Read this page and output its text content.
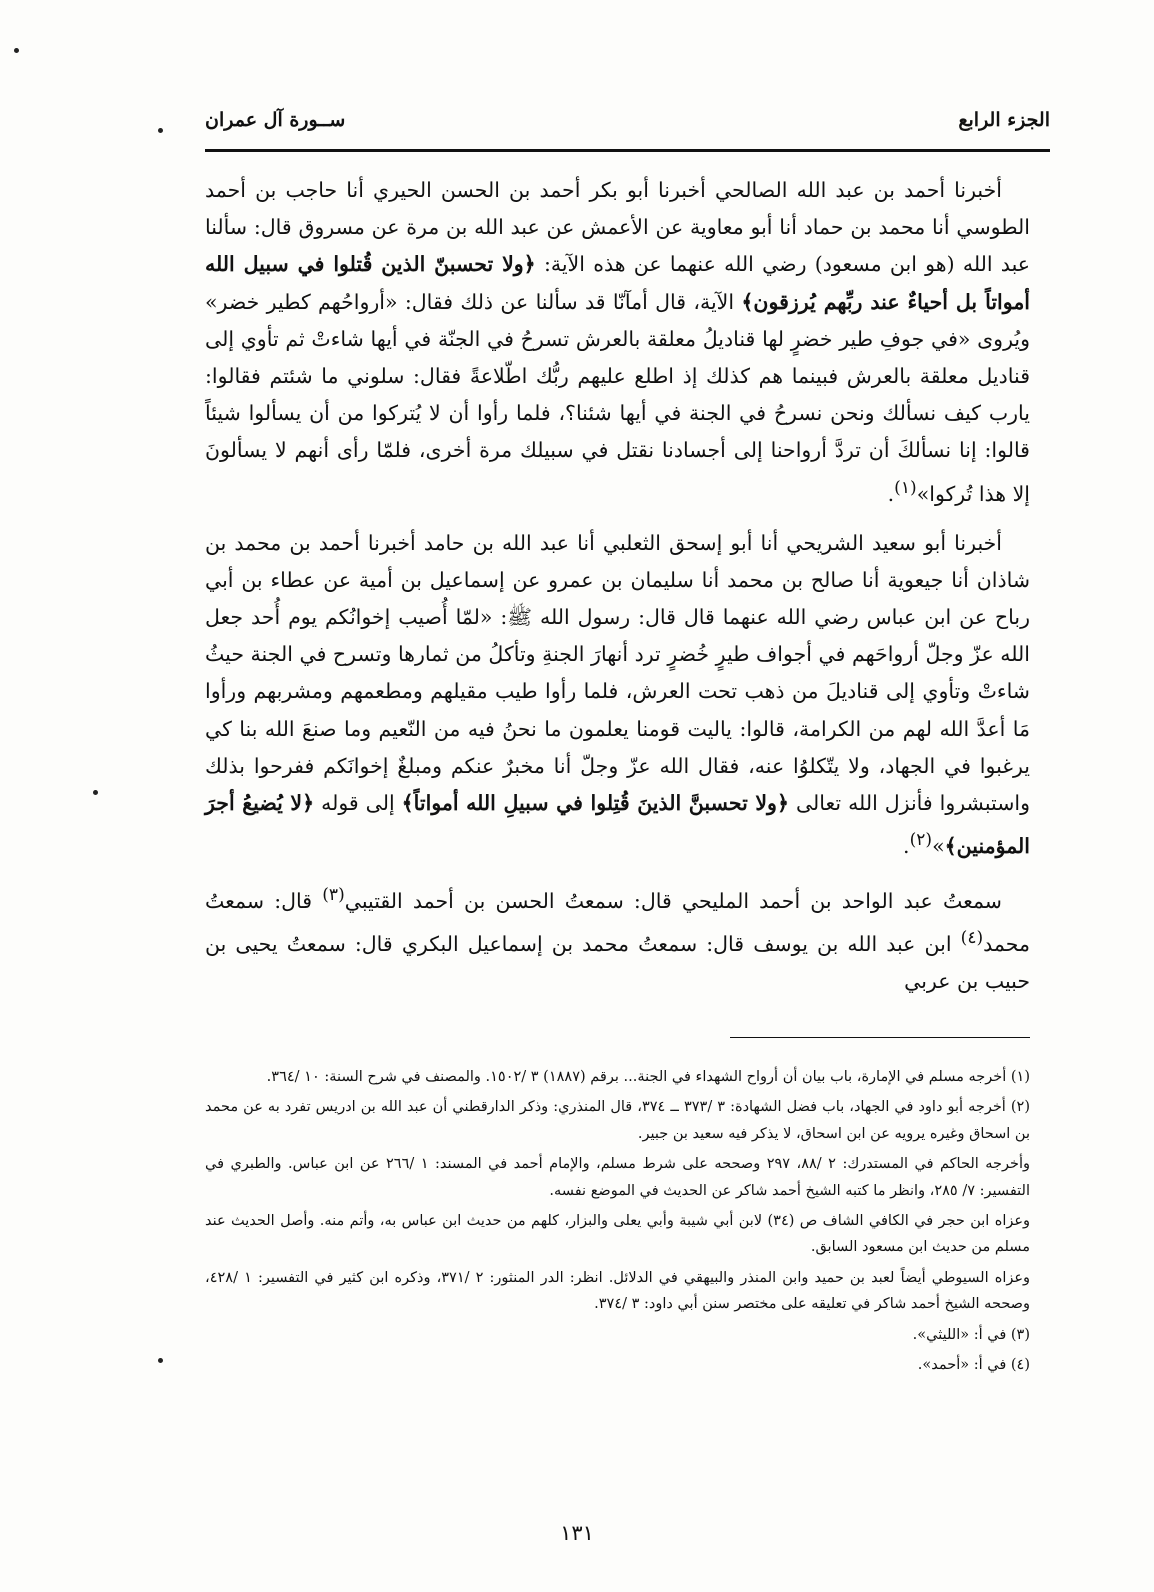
الجزء الرابع
ســورة آل عمران

أخبرنا أحمد بن عبد الله الصالحي أخبرنا أبو بكر أحمد بن الحسن الحيري أنا حاجب بن أحمد الطوسي أنا محمد بن حماد أنا أبو معاوية عن الأعمش عن عبد الله بن مرة عن مسروق قال: سألنا عبد الله (هو ابن مسعود) رضي الله عنهما عن هذه الآية: ﴿ولا تحسبنّ الذين قُتلوا في سبيل الله أمواتاً بل أحياءٌ عند ربِّهم يُرزقون﴾ الآية، قال أمآنّا قد سألنا عن ذلك فقال: «أرواحُهم كطير خضر» ويُروى «في جوفِ طير خضرٍ لها قناديلُ معلقة بالعرش تسرحُ في الجنّة في أيها شاءتْ ثم تأوي إلى قناديل معلقة بالعرش فبينما هم كذلك إذ اطلع عليهم ربُّك اطّلاعةً فقال: سلوني ما شئتم فقالوا: يارب كيف نسألك ونحن نسرحُ في الجنة في أيها شئنا؟، فلما رأوا أن لا يُتركوا من أن يسألوا شيئاً قالوا: إنا نسألكَ أن تردَّ أرواحنا إلى أجسادنا نقتل في سبيلك مرة أخرى، فلمّا رأى أنهم لا يسألونَ إلا هذا تُركوا»$^{(١)}$.

أخبرنا أبو سعيد الشريحي أنا أبو إسحق الثعلبي أنا عبد الله بن حامد أخبرنا أحمد بن محمد بن شاذان أنا جيعوية أنا صالح بن محمد أنا سليمان بن عمرو عن إسماعيل بن أمية عن عطاء بن أبي رباح عن ابن عباس رضي الله عنهما قال قال: رسول الله ﷺ: «لمّا أُصيب إخوانُكم يوم أُحد جعل الله عزّ وجلّ أرواحَهم في أجواف طيرٍ خُضرٍ ترد أنهارَ الجنةِ وتأكلُ من ثمارها وتسرح في الجنة حيثُ شاءتْ وتأوي إلى قناديلَ من ذهب تحت العرش، فلما رأوا طيب مقيلهم ومطعمهم ومشربهم ورأوا مَا أعدَّ الله لهم من الكرامة، قالوا: ياليت قومنا يعلمون ما نحنُ فيه من النّعيم وما صنعَ الله بنا كي يرغبوا في الجهاد، ولا يتّكلوُا عنه، فقال الله عزّ وجلّ أنا مخبرٌ عنكم ومبلغٌ إخوانَكم ففرحوا بذلك واستبشروا فأنزل الله تعالى ﴿ولا تحسبنَّ الذينَ قُتِلوا في سبيلِ الله أمواتاً﴾ إلى قوله ﴿لا يُضيعُ أجرَ المؤمنين﴾»$^{(٢)}$.

سمعتُ عبد الواحد بن أحمد المليحي قال: سمعتُ الحسن بن أحمد القتيبي$^{(٣)}$ قال: سمعتُ محمد$^{(٤)}$ ابن عبد الله بن يوسف قال: سمعتُ محمد بن إسماعيل البكري قال: سمعتُ يحيى بن حبيب بن عربي

(١) أخرجه مسلم في الإمارة، باب بيان أن أرواح الشهداء في الجنة... برقم (١٨٨٧) ٣ /١٥٠٢. والمصنف في شرح السنة: ١٠ /٣٦٤.
(٢) أخرجه أبو داود في الجهاد، باب فضل الشهادة: ٣ /٣٧٣ ــ ٣٧٤، قال المنذري: وذكر الدارقطني أن عبد الله بن ادريس تفرد به عن محمد بن اسحاق وغيره يرويه عن ابن اسحاق، لا يذكر فيه سعيد بن جبير.
وأخرجه الحاكم في المستدرك: ٢ /٨٨، ٢٩٧ وصححه على شرط مسلم، والإمام أحمد في المسند: ١ /٢٦٦ عن ابن عباس. والطبري في التفسير: ٧/ ٢٨٥، وانظر ما كتبه الشيخ أحمد شاكر عن الحديث في الموضع نفسه.
وعزاه ابن حجر في الكافي الشاف ص (٣٤) لابن أبي شيبة وأبي يعلى والبزار، كلهم من حديث ابن عباس به، وأتم منه. وأصل الحديث عند مسلم من حديث ابن مسعود السابق.
وعزاه السيوطي أيضاً لعبد بن حميد وابن المنذر والبيهقي في الدلائل. انظر: الدر المنثور: ٢ /٣٧١، وذكره ابن كثير في التفسير: ١ /٤٢٨، وصححه الشيخ أحمد شاكر في تعليقه على مختصر سنن أبي داود: ٣ /٣٧٤.
(٣) في أ: «الليثي».
(٤) في أ: «أحمد».
١٣١
